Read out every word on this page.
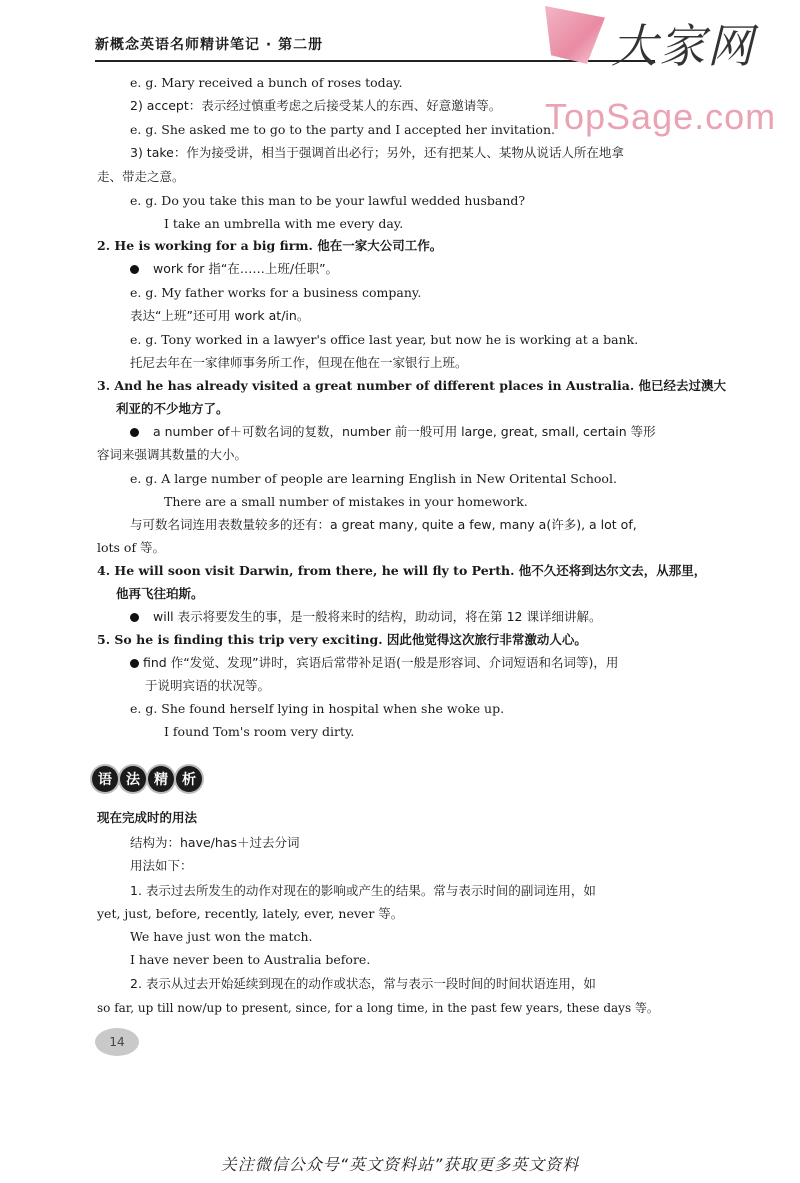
新概念英语名师精讲笔记 · 第二册	大家网
TopSage.com
e. g. Mary received a bunch of roses today.
2) accept：表示经过慎重考虑之后接受某人的东西、好意邀请等。
e. g. She asked me to go to the party and I accepted her invitation.
3) take：作为接受讲，相当于强调首出必行；另外，还有把某人、某物从说话人所在地拿
走、带走之意。
e. g. Do you take this man to be your lawful wedded husband?
I take an umbrella with me every day.
2. He is working for a big firm. 他在一家大公司工作。
work for 指“在……上班/任职”。
e. g. My father works for a business company.
表达“上班”还可用 work at/in。
e. g. Tony worked in a lawyer's office last year, but now he is working at a bank.
托尼去年在一家律师事务所工作，但现在他在一家银行上班。
3. And he has already visited a great number of different places in Australia. 他已经去过澳大
利亚的不少地方了。
a number of＋可数名词的复数，number 前一般可用 large, great, small, certain 等形
容词来强调其数量的大小。
e. g. A large number of people are learning English in New Oritental School.
There are a small number of mistakes in your homework.
与可数名词连用表数量较多的还有：a great many, quite a few, many a(许多), a lot of,
lots of 等。
4. He will soon visit Darwin, from there, he will fly to Perth. 他不久还将到达尔文去，从那里，
他再飞往珀斯。
will 表示将要发生的事，是一般将来时的结构，助动词，将在第 12 课详细讲解。
5. So he is finding this trip very exciting. 因此他觉得这次旅行非常激动人心。
find 作“发觉、发现”讲时，宾语后常带补足语(一般是形容词、介词短语和名词等)，用
于说明宾语的状况等。
e. g. She found herself lying in hospital when she woke up.
I found Tom's room very dirty.
语	法	精	析
现在完成时的用法
结构为：have/has＋过去分词
用法如下：
1. 表示过去所发生的动作对现在的影响或产生的结果。常与表示时间的副词连用，如
yet, just, before, recently, lately, ever, never 等。
We have just won the match.
I have never been to Australia before.
2. 表示从过去开始延续到现在的动作或状态，常与表示一段时间的时间状语连用，如
so far, up till now/up to present, since, for a long time, in the past few years, these days 等。
14
关注微信公众号“英文资料站”获取更多英文资料
